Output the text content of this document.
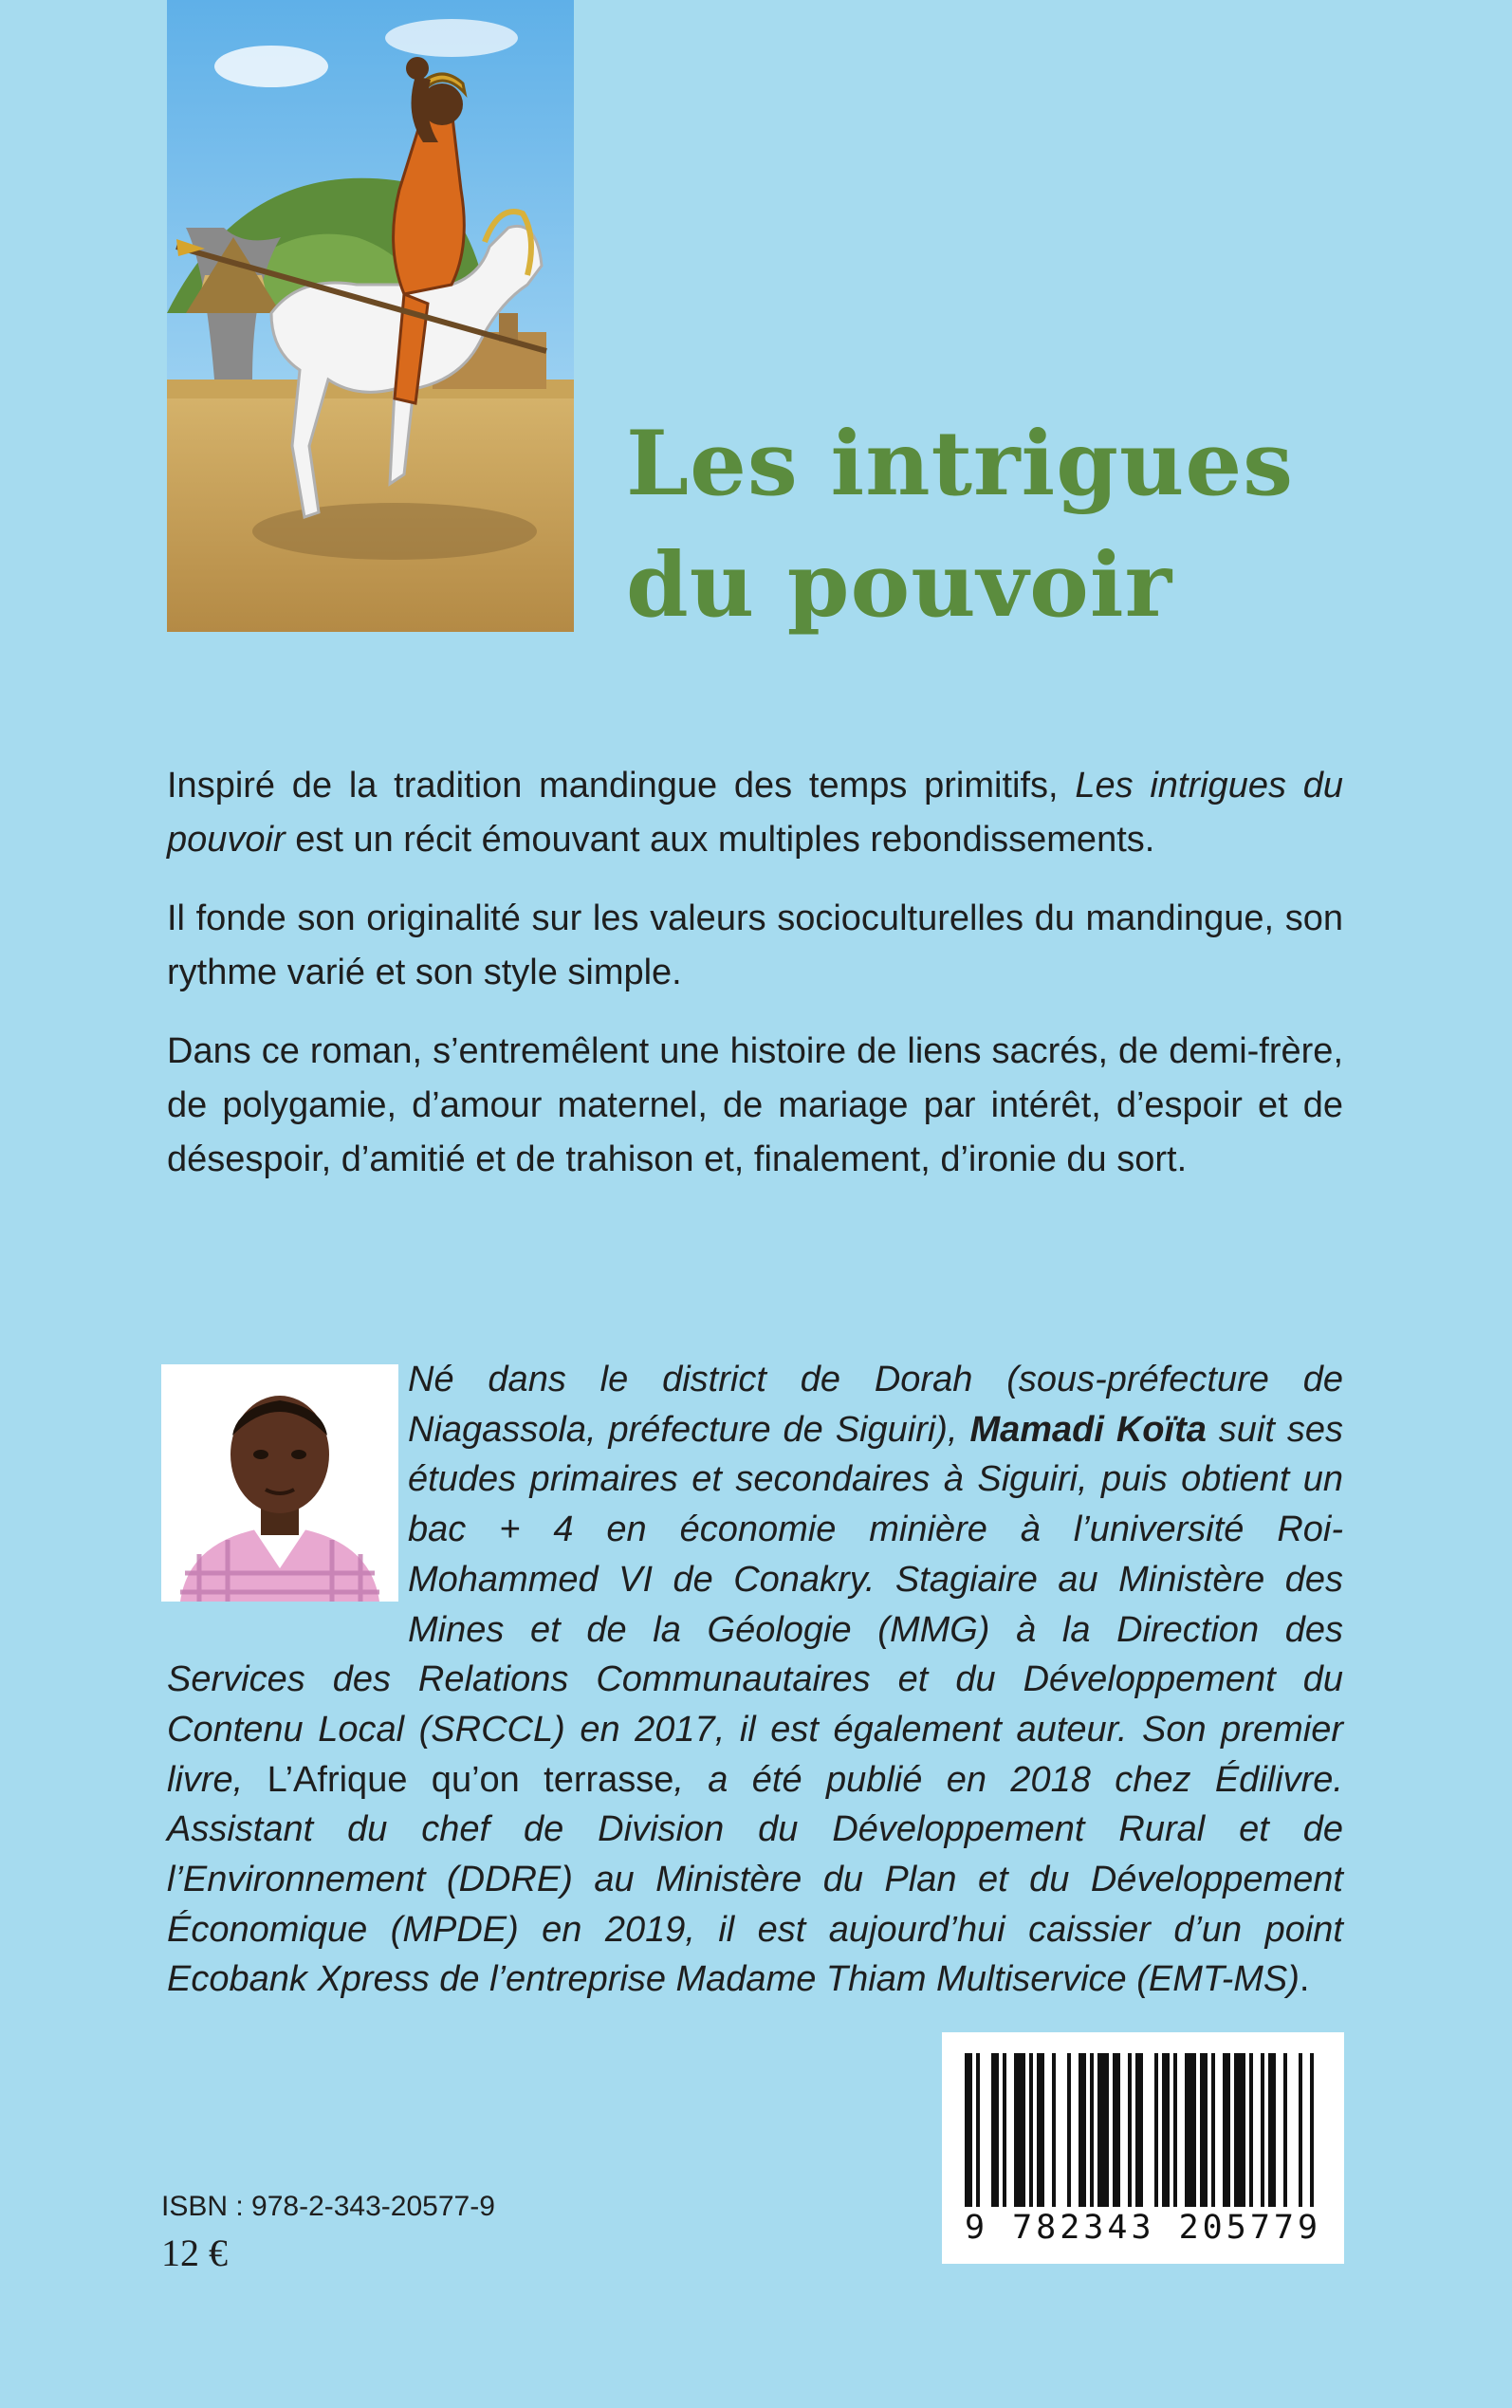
Les intrigues
du pouvoir

Inspiré de la tradition mandingue des temps primitifs, Les intrigues du pouvoir est un récit émouvant aux multiples rebondissements.

Il fonde son originalité sur les valeurs socioculturelles du mandingue, son rythme varié et son style simple.

Dans ce roman, s’entremêlent une histoire de liens sacrés, de demi-frère, de polygamie, d’amour maternel, de mariage par intérêt, d’espoir et de désespoir, d’amitié et de trahison et, finalement, d’ironie du sort.

Né dans le district de Dorah (sous-préfecture de Niagassola, préfecture de Siguiri), Mamadi Koïta suit ses études primaires et secondaires à Siguiri, puis obtient un bac + 4 en économie minière à l’université Roi-Mohammed VI de Conakry. Stagiaire au Ministère des Mines et de la Géologie (MMG) à la Direction des Services des Relations Communautaires et du Développement du Contenu Local (SRCCL) en 2017, il est également auteur. Son premier livre, L’Afrique qu’on terrasse, a été publié en 2018 chez Édilivre. Assistant du chef de Division du Développement Rural et de l’Environnement (DDRE) au Ministère du Plan et du Développement Économique (MPDE) en 2019, il est aujourd’hui caissier d’un point Ecobank Xpress de l’entreprise Madame Thiam Multiservice (EMT-MS).
9 782343 205779
ISBN : 978-2-343-20577-9
12 €
